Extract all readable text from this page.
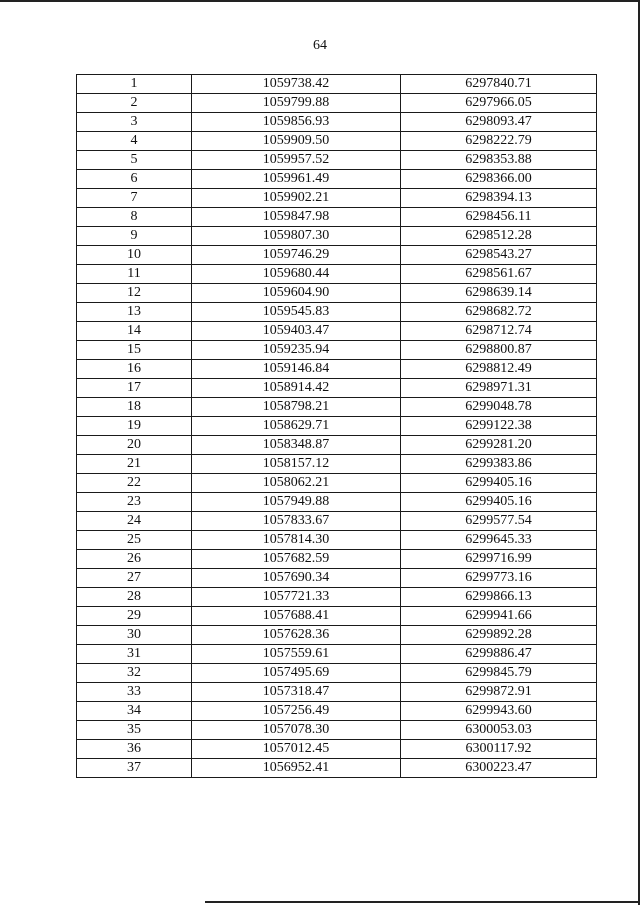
64
1	1059738.42	6297840.71
2	1059799.88	6297966.05
3	1059856.93	6298093.47
4	1059909.50	6298222.79
5	1059957.52	6298353.88
6	1059961.49	6298366.00
7	1059902.21	6298394.13
8	1059847.98	6298456.11
9	1059807.30	6298512.28
10	1059746.29	6298543.27
11	1059680.44	6298561.67
12	1059604.90	6298639.14
13	1059545.83	6298682.72
14	1059403.47	6298712.74
15	1059235.94	6298800.87
16	1059146.84	6298812.49
17	1058914.42	6298971.31
18	1058798.21	6299048.78
19	1058629.71	6299122.38
20	1058348.87	6299281.20
21	1058157.12	6299383.86
22	1058062.21	6299405.16
23	1057949.88	6299405.16
24	1057833.67	6299577.54
25	1057814.30	6299645.33
26	1057682.59	6299716.99
27	1057690.34	6299773.16
28	1057721.33	6299866.13
29	1057688.41	6299941.66
30	1057628.36	6299892.28
31	1057559.61	6299886.47
32	1057495.69	6299845.79
33	1057318.47	6299872.91
34	1057256.49	6299943.60
35	1057078.30	6300053.03
36	1057012.45	6300117.92
37	1056952.41	6300223.47
